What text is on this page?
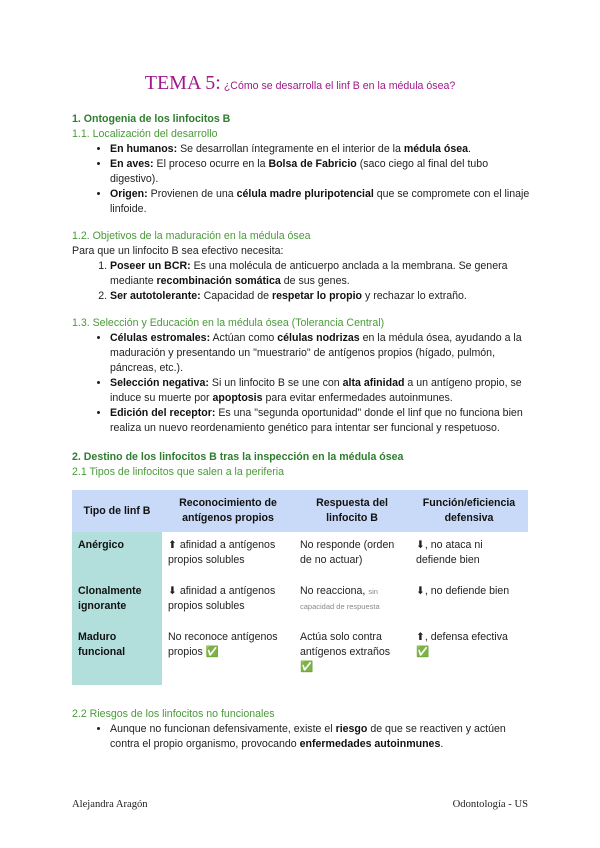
TEMA 5: ¿Cómo se desarrolla el linf B en la médula ósea?

1. Ontogenia de los linfocitos B

1.1. Localización del desarrollo

• En humanos: Se desarrollan íntegramente en el interior de la médula ósea.
• En aves: El proceso ocurre en la Bolsa de Fabricio (saco ciego al final del tubo digestivo).
• Origen: Provienen de una célula madre pluripotencial que se compromete con el linaje linfoide.

1.2. Objetivos de la maduración en la médula ósea

Para que un linfocito B sea efectivo necesita:

1. Poseer un BCR: Es una molécula de anticuerpo anclada a la membrana. Se genera mediante recombinación somática de sus genes.
2. Ser autotolerante: Capacidad de respetar lo propio y rechazar lo extraño.

1.3. Selección y Educación en la médula ósea (Tolerancia Central)

• Células estromales: Actúan como células nodrizas en la médula ósea, ayudando a la maduración y presentando un "muestrario" de antígenos propios (hígado, pulmón, páncreas, etc.).
• Selección negativa: Si un linfocito B se une con alta afinidad a un antígeno propio, se induce su muerte por apoptosis para evitar enfermedades autoinmunes.
• Edición del receptor: Es una "segunda oportunidad" donde el linf que no funciona bien realiza un nuevo reordenamiento genético para intentar ser funcional y respetuoso.

2. Destino de los linfocitos B tras la inspección en la médula ósea

2.1 Tipos de linfocitos que salen a la periferia

Tipo de linf B	Reconocimiento de antígenos propios	Respuesta del linfocito B	Función/eficiencia defensiva
Anérgico	⬆ afinidad a antígenos propios solubles	No responde (orden de no actuar)	⬇, no ataca ni defiende bien
Clonalmente ignorante	⬇ afinidad a antígenos propios solubles	No reacciona, sin capacidad de respuesta	⬇, no defiende bien
Maduro funcional	No reconoce antígenos propios ✅	Actúa solo contra antígenos extraños ✅	⬆, defensa efectiva ✅

2.2 Riesgos de los linfocitos no funcionales

• Aunque no funcionan defensivamente, existe el riesgo de que se reactiven y actúen contra el propio organismo, provocando enfermedades autoinmunes.
Alejandra Aragón	Odontología - US
